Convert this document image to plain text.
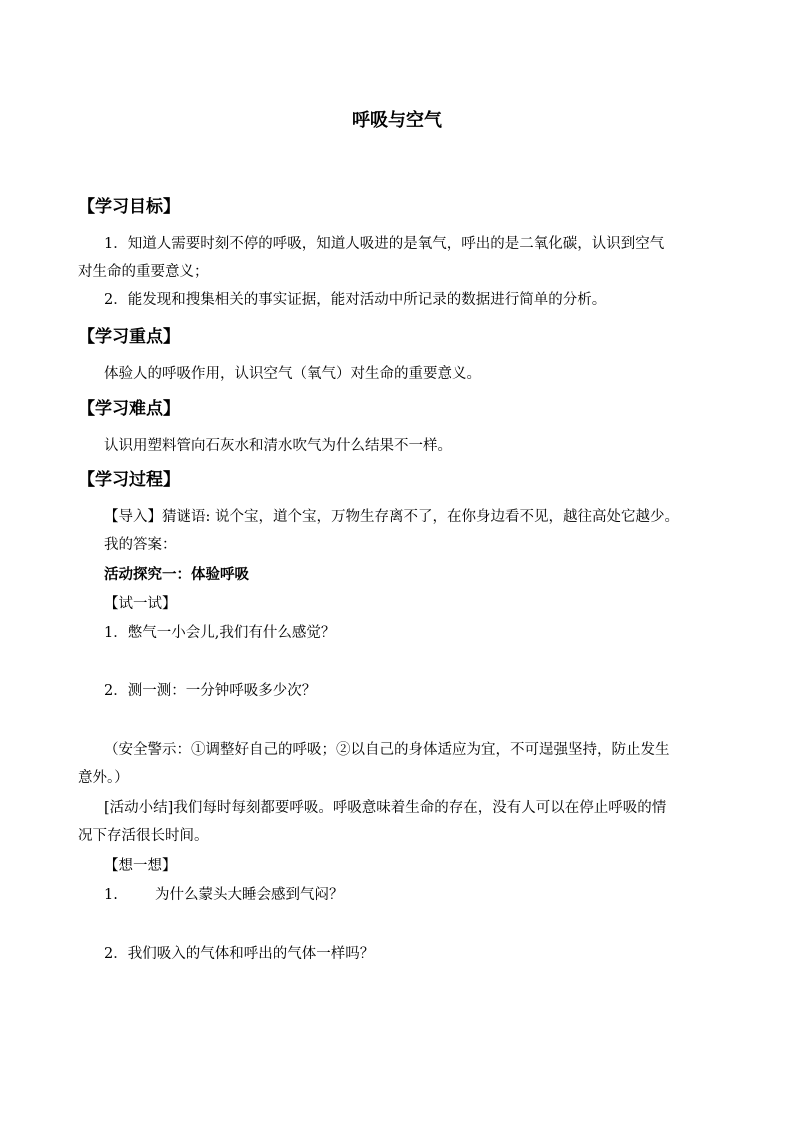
呼吸与空气
【学习目标】
1．知道人需要时刻不停的呼吸，知道人吸进的是氧气，呼出的是二氧化碳，认识到空气
对生命的重要意义；
2．能发现和搜集相关的事实证据，能对活动中所记录的数据进行简单的分析。
【学习重点】
体验人的呼吸作用，认识空气（氧气）对生命的重要意义。
【学习难点】
认识用塑料管向石灰水和清水吹气为什么结果不一样。
【学习过程】
【导入】猜谜语: 说个宝，道个宝，万物生存离不了，在你身边看不见，越往高处它越少。
我的答案：
活动探究一：体验呼吸
【试一试】
1．憋气一小会儿,我们有什么感觉？
2．测一测：一分钟呼吸多少次？
（安全警示：①调整好自己的呼吸；②以自己的身体适应为宜，不可逞强坚持，防止发生
意外。）
[活动小结]我们每时每刻都要呼吸。呼吸意味着生命的存在，没有人可以在停止呼吸的情
况下存活很长时间。
【想一想】
1.	为什么蒙头大睡会感到气闷？
2．我们吸入的气体和呼出的气体一样吗？
